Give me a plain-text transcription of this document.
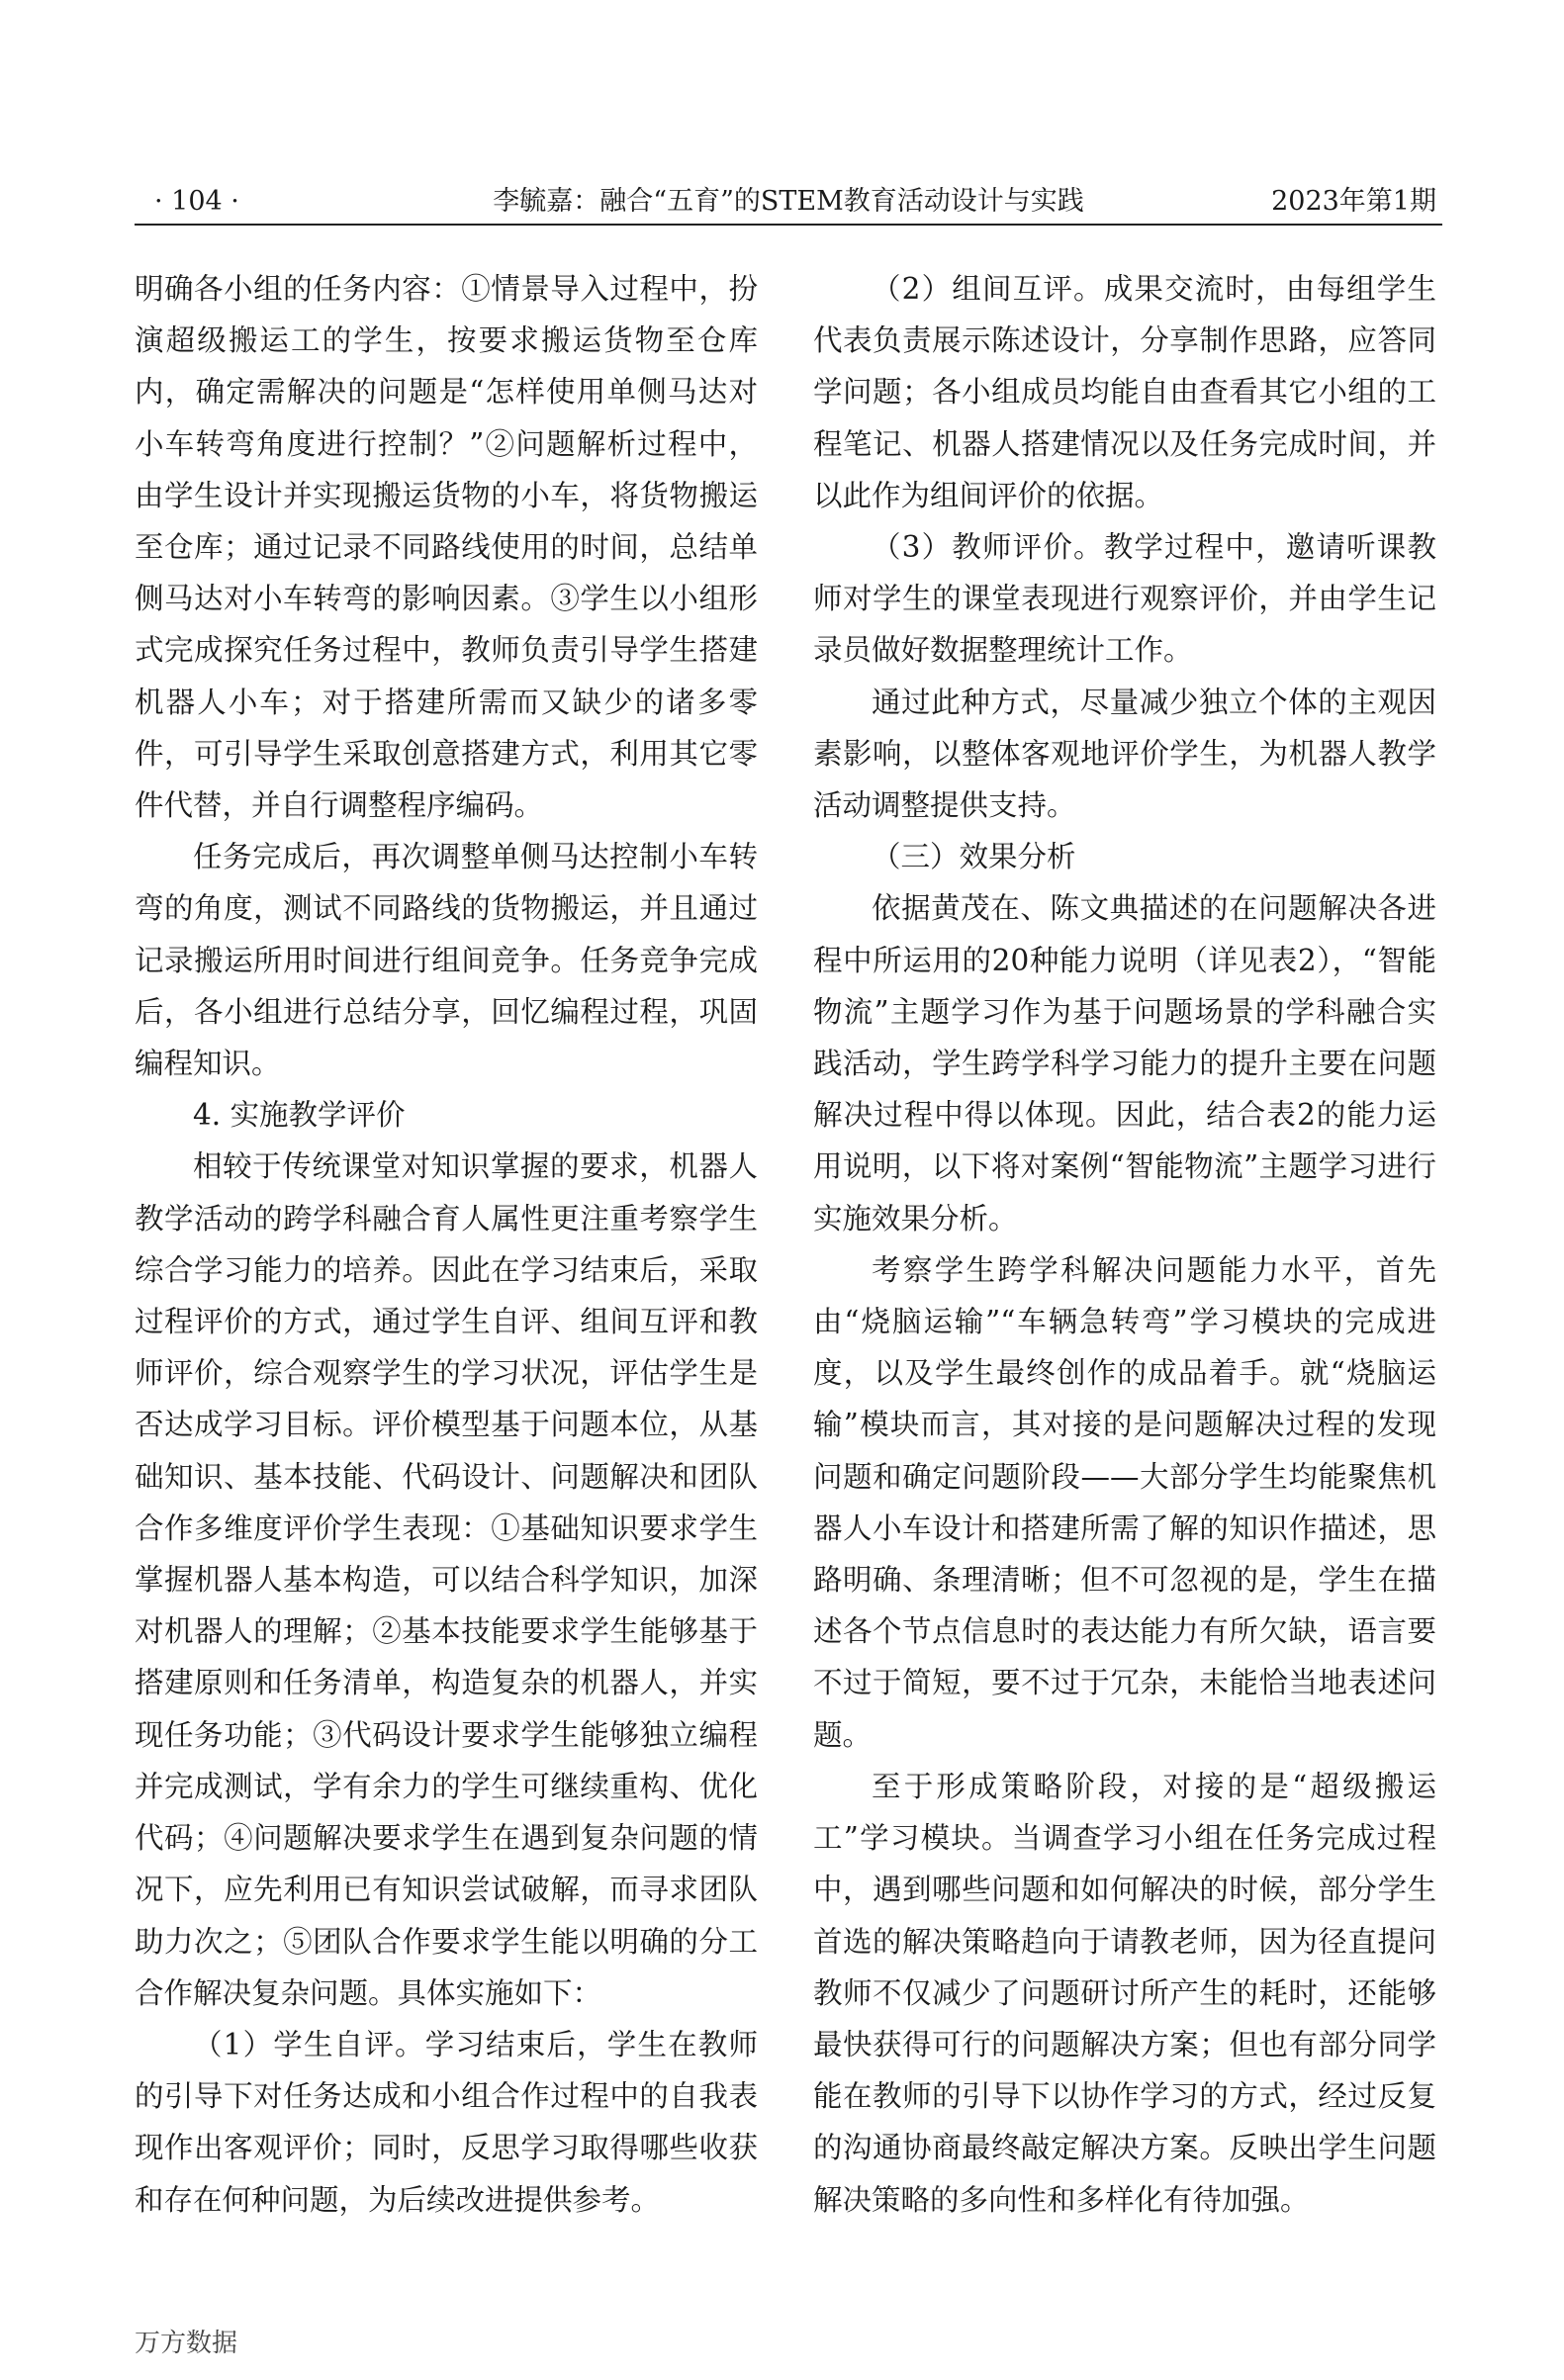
· 104 ·	李毓嘉：融合“五育”的STEM教育活动设计与实践	2023年第1期

明确各小组的任务内容：①情景导入过程中，扮演超级搬运工的学生，按要求搬运货物至仓库内，确定需解决的问题是“怎样使用单侧马达对小车转弯角度进行控制？”②问题解析过程中，由学生设计并实现搬运货物的小车，将货物搬运至仓库；通过记录不同路线使用的时间，总结单侧马达对小车转弯的影响因素。③学生以小组形式完成探究任务过程中，教师负责引导学生搭建机器人小车；对于搭建所需而又缺少的诸多零件，可引导学生采取创意搭建方式，利用其它零件代替，并自行调整程序编码。

任务完成后，再次调整单侧马达控制小车转弯的角度，测试不同路线的货物搬运，并且通过记录搬运所用时间进行组间竞争。任务竞争完成后，各小组进行总结分享，回忆编程过程，巩固编程知识。

4. 实施教学评价

相较于传统课堂对知识掌握的要求，机器人教学活动的跨学科融合育人属性更注重考察学生综合学习能力的培养。因此在学习结束后，采取过程评价的方式，通过学生自评、组间互评和教师评价，综合观察学生的学习状况，评估学生是否达成学习目标。评价模型基于问题本位，从基础知识、基本技能、代码设计、问题解决和团队合作多维度评价学生表现：①基础知识要求学生掌握机器人基本构造，可以结合科学知识，加深对机器人的理解；②基本技能要求学生能够基于搭建原则和任务清单，构造复杂的机器人，并实现任务功能；③代码设计要求学生能够独立编程并完成测试，学有余力的学生可继续重构、优化代码；④问题解决要求学生在遇到复杂问题的情况下，应先利用已有知识尝试破解，而寻求团队助力次之；⑤团队合作要求学生能以明确的分工合作解决复杂问题。具体实施如下：

（1）学生自评。学习结束后，学生在教师的引导下对任务达成和小组合作过程中的自我表现作出客观评价；同时，反思学习取得哪些收获和存在何种问题，为后续改进提供参考。

（2）组间互评。成果交流时，由每组学生代表负责展示陈述设计，分享制作思路，应答同学问题；各小组成员均能自由查看其它小组的工程笔记、机器人搭建情况以及任务完成时间，并以此作为组间评价的依据。

（3）教师评价。教学过程中，邀请听课教师对学生的课堂表现进行观察评价，并由学生记录员做好数据整理统计工作。

通过此种方式，尽量减少独立个体的主观因素影响，以整体客观地评价学生，为机器人教学活动调整提供支持。

（三）效果分析

依据黄茂在、陈文典描述的在问题解决各进程中所运用的20种能力说明（详见表2），“智能物流”主题学习作为基于问题场景的学科融合实践活动，学生跨学科学习能力的提升主要在问题解决过程中得以体现。因此，结合表2的能力运用说明，以下将对案例“智能物流”主题学习进行实施效果分析。

考察学生跨学科解决问题能力水平，首先由“烧脑运输”“车辆急转弯”学习模块的完成进度，以及学生最终创作的成品着手。就“烧脑运输”模块而言，其对接的是问题解决过程的发现问题和确定问题阶段——大部分学生均能聚焦机器人小车设计和搭建所需了解的知识作描述，思路明确、条理清晰；但不可忽视的是，学生在描述各个节点信息时的表达能力有所欠缺，语言要不过于简短，要不过于冗杂，未能恰当地表述问题。

至于形成策略阶段，对接的是“超级搬运工”学习模块。当调查学习小组在任务完成过程中，遇到哪些问题和如何解决的时候，部分学生首选的解决策略趋向于请教老师，因为径直提问教师不仅减少了问题研讨所产生的耗时，还能够最快获得可行的问题解决方案；但也有部分同学能在教师的引导下以协作学习的方式，经过反复的沟通协商最终敲定解决方案。反映出学生问题解决策略的多向性和多样化有待加强。

万方数据
